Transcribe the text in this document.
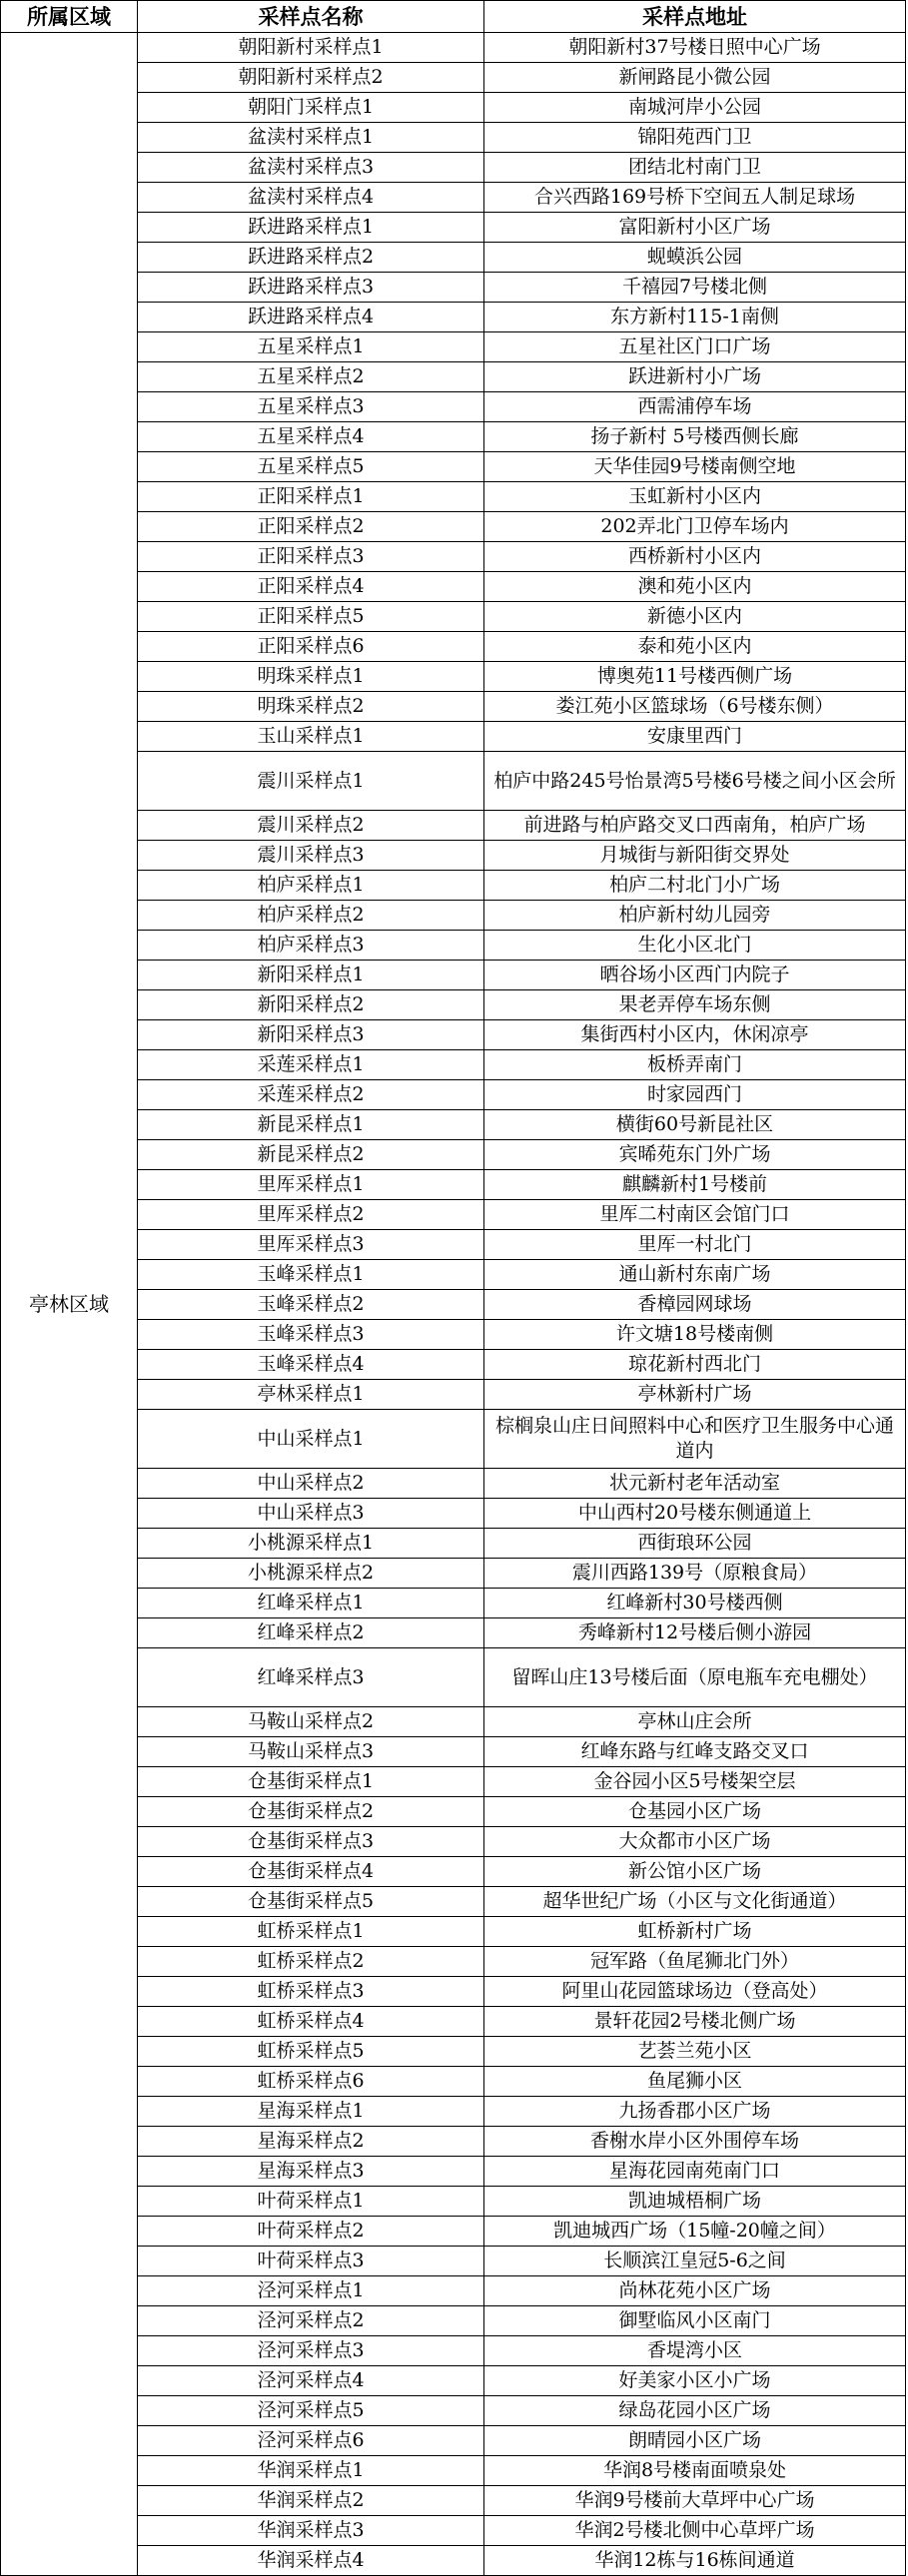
所属区域	采样点名称	采样点地址
亭林区域	朝阳新村采样点1	朝阳新村37号楼日照中心广场
	朝阳新村采样点2	新闸路昆小微公园
	朝阳门采样点1	南城河岸小公园
	盆渎村采样点1	锦阳苑西门卫
	盆渎村采样点3	团结北村南门卫
	盆渎村采样点4	合兴西路169号桥下空间五人制足球场
	跃进路采样点1	富阳新村小区广场
	跃进路采样点2	蚬蟆浜公园
	跃进路采样点3	千禧园7号楼北侧
	跃进路采样点4	东方新村115-1南侧
	五星采样点1	五星社区门口广场
	五星采样点2	跃进新村小广场
	五星采样点3	西需浦停车场
	五星采样点4	扬子新村 5号楼西侧长廊
	五星采样点5	天华佳园9号楼南侧空地
	正阳采样点1	玉虹新村小区内
	正阳采样点2	202弄北门卫停车场内
	正阳采样点3	西桥新村小区内
	正阳采样点4	澳和苑小区内
	正阳采样点5	新德小区内
	正阳采样点6	泰和苑小区内
	明珠采样点1	博奥苑11号楼西侧广场
	明珠采样点2	娄江苑小区篮球场（6号楼东侧）
	玉山采样点1	安康里西门
	震川采样点1	柏庐中路245号怡景湾5号楼6号楼之间小区会所
	震川采样点2	前进路与柏庐路交叉口西南角，柏庐广场
	震川采样点3	月城街与新阳街交界处
	柏庐采样点1	柏庐二村北门小广场
	柏庐采样点2	柏庐新村幼儿园旁
	柏庐采样点3	生化小区北门
	新阳采样点1	晒谷场小区西门内院子
	新阳采样点2	果老弄停车场东侧
	新阳采样点3	集街西村小区内，休闲凉亭
	采莲采样点1	板桥弄南门
	采莲采样点2	时家园西门
	新昆采样点1	横街60号新昆社区
	新昆采样点2	宾晞苑东门外广场
	里厍采样点1	麒麟新村1号楼前
	里厍采样点2	里厍二村南区会馆门口
	里厍采样点3	里厍一村北门
	玉峰采样点1	通山新村东南广场
	玉峰采样点2	香樟园网球场
	玉峰采样点3	许文塘18号楼南侧
	玉峰采样点4	琼花新村西北门
	亭林采样点1	亭林新村广场
	中山采样点1	棕榈泉山庄日间照料中心和医疗卫生服务中心通道内
	中山采样点2	状元新村老年活动室
	中山采样点3	中山西村20号楼东侧通道上
	小桃源采样点1	西街琅环公园
	小桃源采样点2	震川西路139号（原粮食局）
	红峰采样点1	红峰新村30号楼西侧
	红峰采样点2	秀峰新村12号楼后侧小游园
	红峰采样点3	留晖山庄13号楼后面（原电瓶车充电棚处）
	马鞍山采样点2	亭林山庄会所
	马鞍山采样点3	红峰东路与红峰支路交叉口
	仓基街采样点1	金谷园小区5号楼架空层
	仓基街采样点2	仓基园小区广场
	仓基街采样点3	大众都市小区广场
	仓基街采样点4	新公馆小区广场
	仓基街采样点5	超华世纪广场（小区与文化街通道）
	虹桥采样点1	虹桥新村广场
	虹桥采样点2	冠军路（鱼尾狮北门外）
	虹桥采样点3	阿里山花园篮球场边（登高处）
	虹桥采样点4	景轩花园2号楼北侧广场
	虹桥采样点5	艺荟兰苑小区
	虹桥采样点6	鱼尾狮小区
	星海采样点1	九扬香郡小区广场
	星海采样点2	香榭水岸小区外围停车场
	星海采样点3	星海花园南苑南门口
	叶荷采样点1	凯迪城梧桐广场
	叶荷采样点2	凯迪城西广场（15幢-20幢之间）
	叶荷采样点3	长顺滨江皇冠5-6之间
	泾河采样点1	尚林花苑小区广场
	泾河采样点2	御墅临风小区南门
	泾河采样点3	香堤湾小区
	泾河采样点4	好美家小区小广场
	泾河采样点5	绿岛花园小区广场
	泾河采样点6	朗晴园小区广场
	华润采样点1	华润8号楼南面喷泉处
	华润采样点2	华润9号楼前大草坪中心广场
	华润采样点3	华润2号楼北侧中心草坪广场
	华润采样点4	华润12栋与16栋间通道
